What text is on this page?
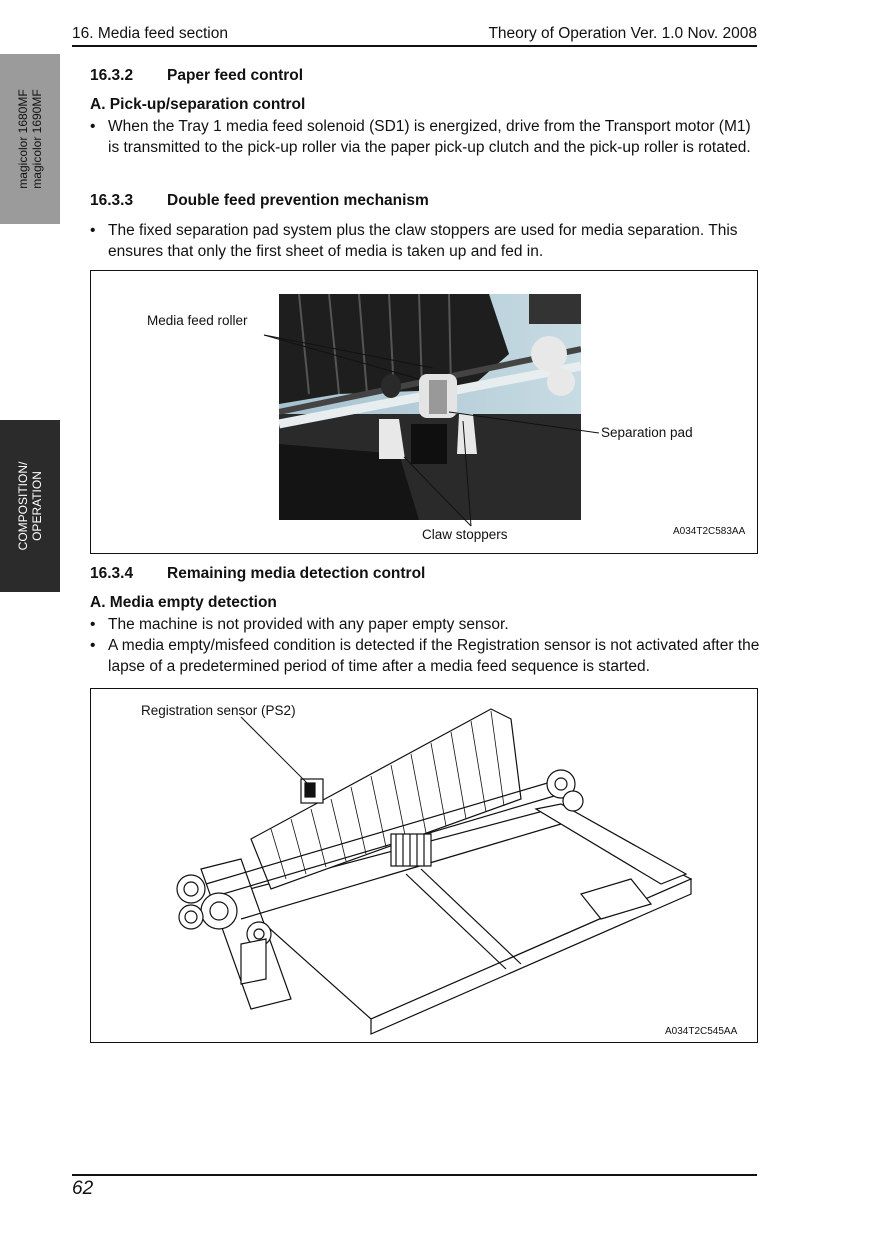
16. Media feed section	Theory of Operation Ver. 1.0 Nov. 2008
magicolor 1680MF magicolor 1690MF
COMPOSITION/ OPERATION
16.3.2 Paper feed control
A. Pick-up/separation control
• When the Tray 1 media feed solenoid (SD1) is energized, drive from the Transport motor (M1) is transmitted to the pick-up roller via the paper pick-up clutch and the pick-up roller is rotated.
16.3.3 Double feed prevention mechanism
• The fixed separation pad system plus the claw stoppers are used for media separation. This ensures that only the first sheet of media is taken up and fed in.
Media feed roller
Separation pad
Claw stoppers	A034T2C583AA
16.3.4 Remaining media detection control
A. Media empty detection
• The machine is not provided with any paper empty sensor.
• A media empty/misfeed condition is detected if the Registration sensor is not activated after the lapse of a predetermined period of time after a media feed sequence is started.
Registration sensor (PS2)
A034T2C545AA
62
